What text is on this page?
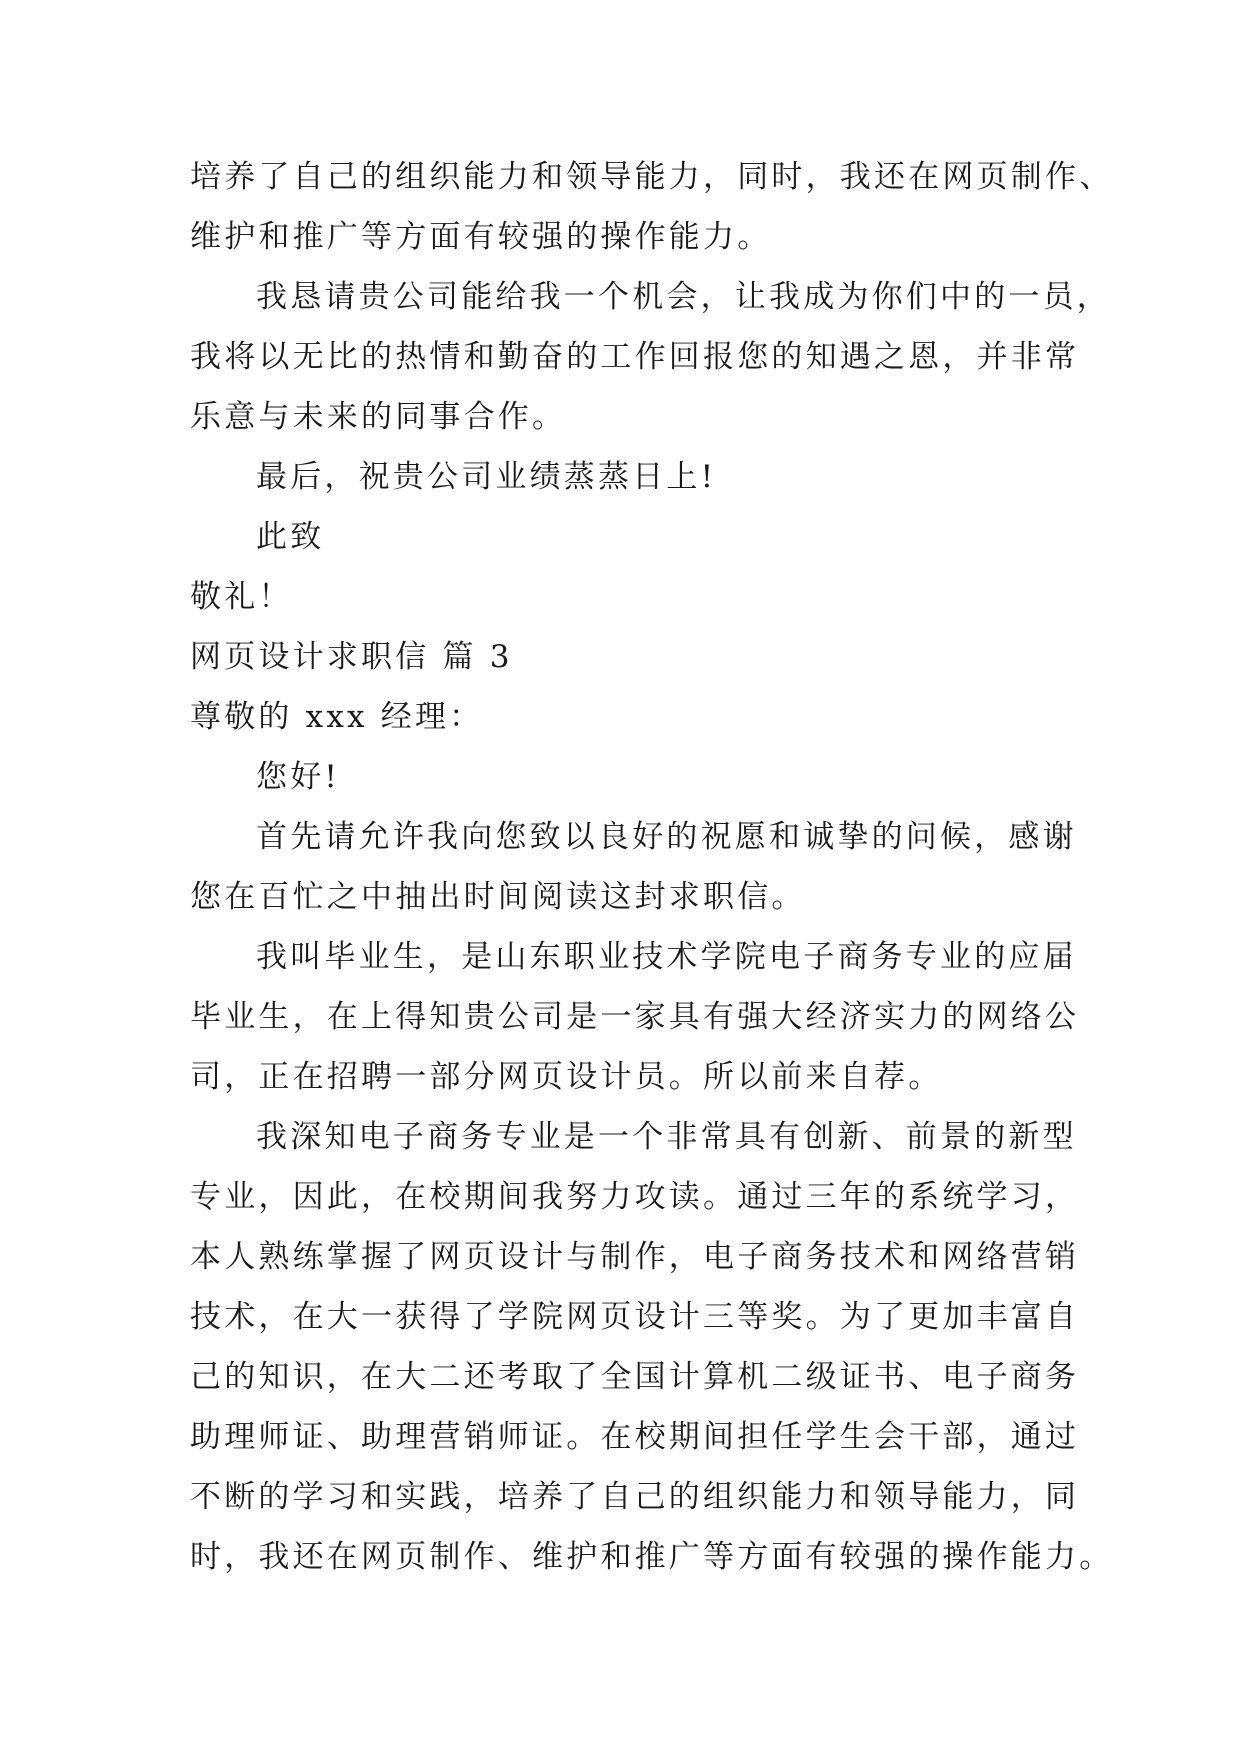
培养了自己的组织能力和领导能力，同时，我还在网页制作、
维护和推广等方面有较强的操作能力。
我恳请贵公司能给我一个机会，让我成为你们中的一员，
我将以无比的热情和勤奋的工作回报您的知遇之恩，并非常
乐意与未来的同事合作。
最后，祝贵公司业绩蒸蒸日上!
此致
敬礼！
网页设计求职信 篇 3
尊敬的 xxx 经理：
您好!
首先请允许我向您致以良好的祝愿和诚挚的问候，感谢
您在百忙之中抽出时间阅读这封求职信。
我叫毕业生，是山东职业技术学院电子商务专业的应届
毕业生，在上得知贵公司是一家具有强大经济实力的网络公
司，正在招聘一部分网页设计员。所以前来自荐。
我深知电子商务专业是一个非常具有创新、前景的新型
专业，因此，在校期间我努力攻读。通过三年的系统学习，
本人熟练掌握了网页设计与制作，电子商务技术和网络营销
技术，在大一获得了学院网页设计三等奖。为了更加丰富自
己的知识，在大二还考取了全国计算机二级证书、电子商务
助理师证、助理营销师证。在校期间担任学生会干部，通过
不断的学习和实践，培养了自己的组织能力和领导能力，同
时，我还在网页制作、维护和推广等方面有较强的操作能力。
